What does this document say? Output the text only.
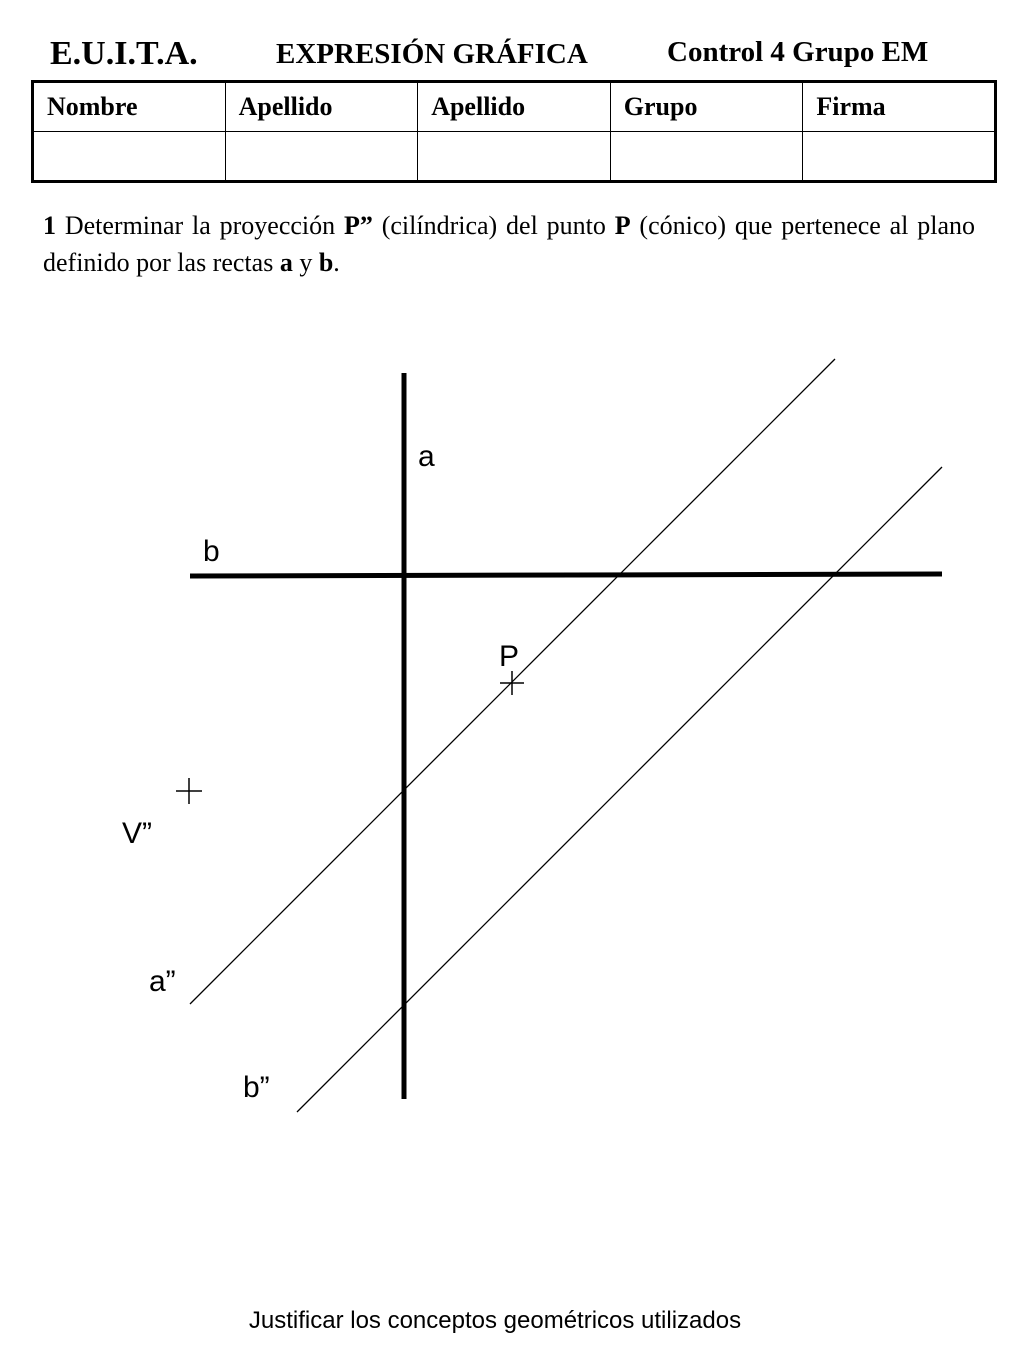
E.U.I.T.A.	EXPRESIÓN GRÁFICA	Control 4 Grupo EM
Nombre	Apellido	Apellido	Grupo	Firma

1 Determinar la proyección P” (cilíndrica) del punto P (cónico) que pertenece al plano definido por las rectas a y b.
a
b
P
V”
a”
b”
Justificar los conceptos geométricos utilizados
